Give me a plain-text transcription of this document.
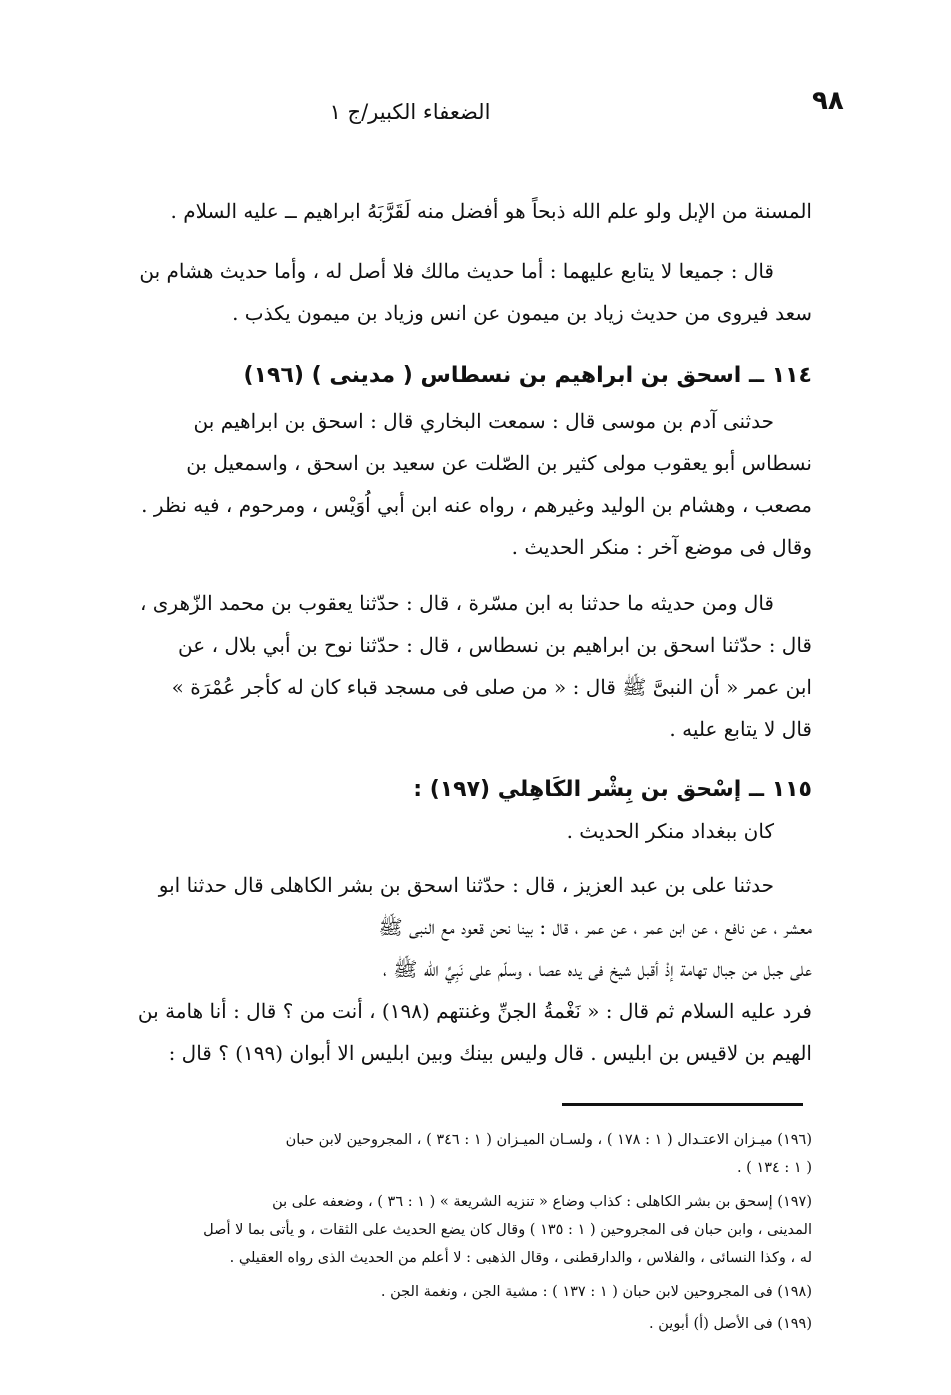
٩٨
الضعفاء الكبير/ج ١
المسنة من الإبل ولو علم الله ذبحاً هو أفضل منه لَقَرَّبَهُ ابراهيم ــ عليه السلام .
قال : جميعا لا يتابع عليهما : أما حديث مالك فلا أصل له ، وأما حديث هشام بن
سعد فيروى من حديث زياد بن ميمون عن انس وزياد بن ميمون يكذب .
١١٤ ــ اسحق بن ابراهيم بن نسطاس ( مدينى ) (١٩٦)
حدثنى آدم بن موسى قال : سمعت البخاري قال : اسحق بن ابراهيم بن
نسطاس أبو يعقوب مولى كثير بن الصّلت عن سعيد بن اسحق ، واسمعيل بن
مصعب ، وهشام بن الوليد وغيرهم ، رواه عنه ابن أبي اُوَيْس ، ومرحوم ، فيه نظر .
وقال فى موضع آخر : منكر الحديث .
قال ومن حديثه ما حدثنا به ابن مسّرة ، قال : حدّثنا يعقوب بن محمد الزّهرى ،
قال : حدّثنا اسحق بن ابراهيم بن نسطاس ، قال : حدّثنا نوح بن أبي بلال ، عن
ابن عمر « أن النبىَّ ﷺ قال : « من صلى فى مسجد قباء كان له كأجر عُمْرَة »
قال لا يتابع عليه .
١١٥ ــ إسْحق بن بِشْر الكَاهِلي (١٩٧) :
كان ببغداد منكر الحديث .
حدثنا على بن عبد العزيز ، قال : حدّثنا اسحق بن بشر الكاهلى قال حدثنا ابو
معشر ، عن نافع ، عن ابن عمر ، عن عمر ، قال : بينا نحن قعود مع النبى ﷺ
على جبل من جبال تهامة إذْ أقبل شيخ فى يده عصا ، وسلّم على نَبِيِّ الله ﷺ ،
فرد عليه السلام ثم قال : « نَغْمةُ الجنِّ وغنتهم (١٩٨) ، أنت من ؟ قال : أنا هامة بن
الهيم بن لاقيس بن ابليس . قال وليس بينك وبين ابليس الا أبوان (١٩٩) ؟ قال :
(١٩٦) ميـزان الاعتـدال ( ١ : ١٧٨ ) ، ولسـان الميـزان ( ١ : ٣٤٦ ) ، المجروحين لابن حبان
( ١ : ١٣٤ ) .
(١٩٧) إسحق بن بشر الكاهلى : كذاب وضاع « تنزيه الشريعة » ( ١ : ٣٦ ) ، وضعفه على بن
المدينى ، وابن حبان فى المجروحين ( ١ : ١٣٥ ) وقال كان يضع الحديث على الثقات ، و يأتى بما لا أصل
له ، وكذا النسائى ، والفلاس ، والدارقطنى ، وقال الذهبى : لا أعلم من الحديث الذى رواه العقيلي .
(١٩٨) فى المجروحين لابن حبان ( ١ : ١٣٧ ) : مشية الجن ، ونغمة الجن .
(١٩٩) فى الأصل (أ) أبوين .
